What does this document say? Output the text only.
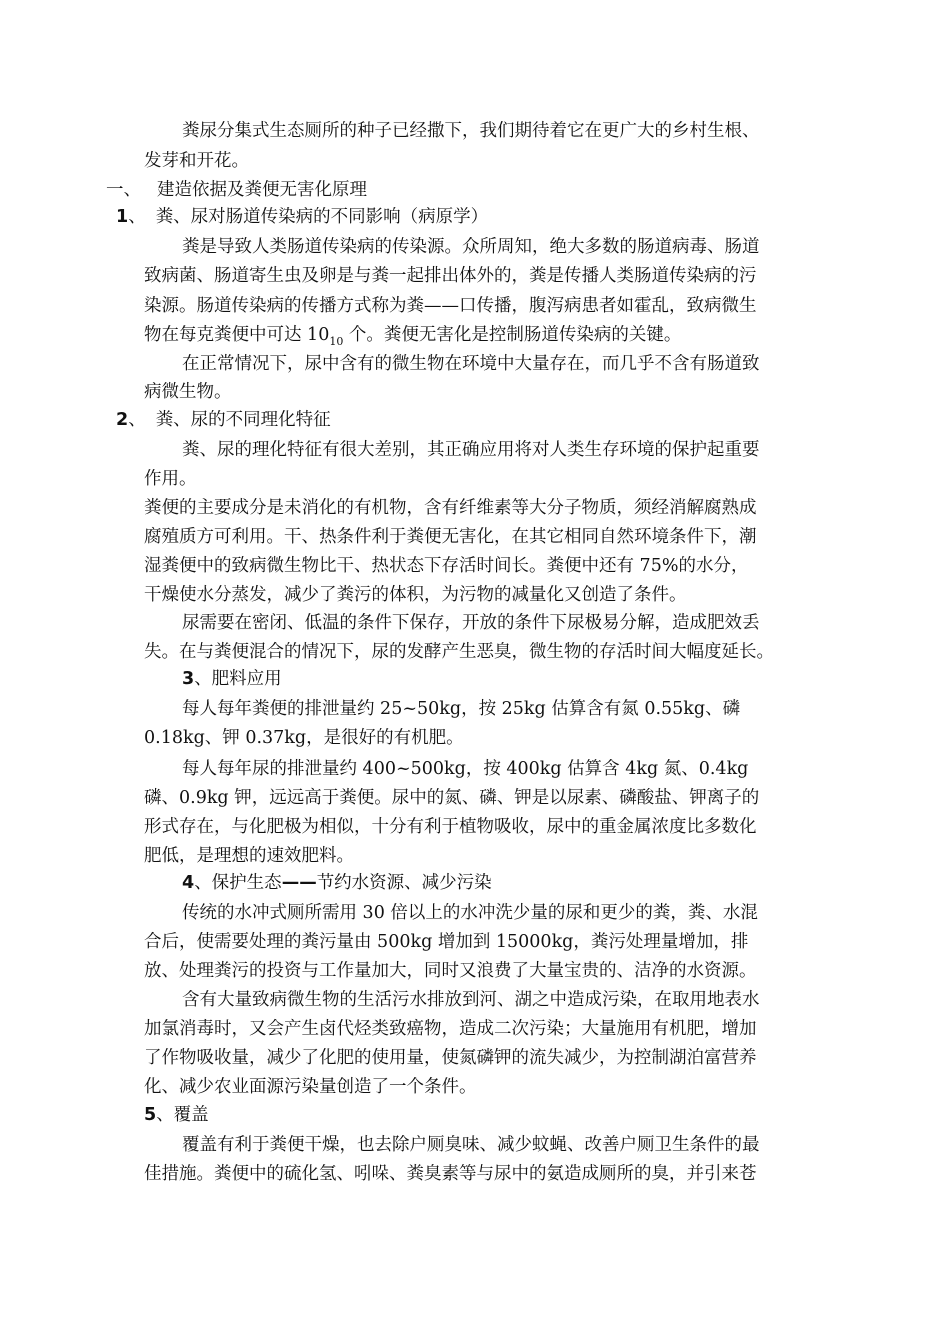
粪尿分集式生态厕所的种子已经撒下，我们期待着它在更广大的乡村生根、
发芽和开花。
一、 建造依据及粪便无害化原理
1、 粪、尿对肠道传染病的不同影响（病原学）
粪是导致人类肠道传染病的传染源。众所周知，绝大多数的肠道病毒、肠道
致病菌、肠道寄生虫及卵是与粪一起排出体外的，粪是传播人类肠道传染病的污
染源。肠道传染病的传播方式称为粪——口传播，腹泻病患者如霍乱，致病微生
物在每克粪便中可达 $10_{10}$ 个。粪便无害化是控制肠道传染病的关键。
在正常情况下，尿中含有的微生物在环境中大量存在，而几乎不含有肠道致
病微生物。
2、 粪、尿的不同理化特征
粪、尿的理化特征有很大差别，其正确应用将对人类生存环境的保护起重要
作用。
粪便的主要成分是未消化的有机物，含有纤维素等大分子物质，须经消解腐熟成
腐殖质方可利用。干、热条件利于粪便无害化，在其它相同自然环境条件下，潮
湿粪便中的致病微生物比干、热状态下存活时间长。粪便中还有 75%的水分，
干燥使水分蒸发，减少了粪污的体积，为污物的减量化又创造了条件。
尿需要在密闭、低温的条件下保存，开放的条件下尿极易分解，造成肥效丢
失。在与粪便混合的情况下，尿的发酵产生恶臭，微生物的存活时间大幅度延长。
3、肥料应用
每人每年粪便的排泄量约 25~50kg，按 25kg 估算含有氮 0.55kg、磷
0.18kg、钾 0.37kg，是很好的有机肥。
每人每年尿的排泄量约 400~500kg，按 400kg 估算含 4kg 氮、0.4kg
磷、0.9kg 钾，远远高于粪便。尿中的氮、磷、钾是以尿素、磷酸盐、钾离子的
形式存在，与化肥极为相似，十分有利于植物吸收，尿中的重金属浓度比多数化
肥低，是理想的速效肥料。
4、保护生态——节约水资源、减少污染
传统的水冲式厕所需用 30 倍以上的水冲洗少量的尿和更少的粪，粪、水混
合后，使需要处理的粪污量由 500kg 增加到 15000kg，粪污处理量增加，排
放、处理粪污的投资与工作量加大，同时又浪费了大量宝贵的、洁净的水资源。
含有大量致病微生物的生活污水排放到河、湖之中造成污染，在取用地表水
加氯消毒时，又会产生卤代烃类致癌物，造成二次污染；大量施用有机肥，增加
了作物吸收量，减少了化肥的使用量，使氮磷钾的流失减少，为控制湖泊富营养
化、减少农业面源污染量创造了一个条件。
5、覆盖
覆盖有利于粪便干燥，也去除户厕臭味、减少蚊蝇、改善户厕卫生条件的最
佳措施。粪便中的硫化氢、吲哚、粪臭素等与尿中的氨造成厕所的臭，并引来苍
